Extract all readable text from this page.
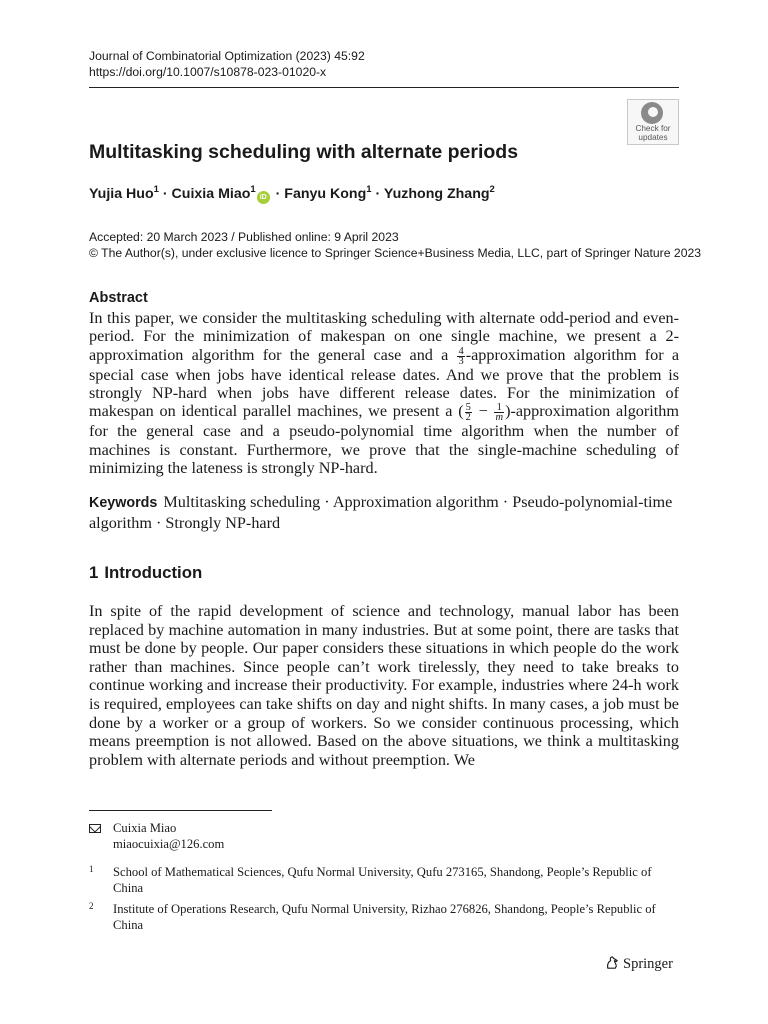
Journal of Combinatorial Optimization (2023) 45:92
https://doi.org/10.1007/s10878-023-01020-x
Check for
updates
Multitasking scheduling with alternate periods
Yujia Huo$^1$ · Cuixia Miao$^1$iD · Fanyu Kong$^1$ · Yuzhong Zhang$^2$
Accepted: 20 March 2023 / Published online: 9 April 2023
© The Author(s), under exclusive licence to Springer Science+Business Media, LLC, part of Springer Nature 2023
Abstract
In this paper, we consider the multitasking scheduling with alternate odd-period and even-period. For the minimization of makespan on one single machine, we present a 2-approximation algorithm for the general case and a $\frac{4}{3}$ -approximation algorithm for a special case when jobs have identical release dates. And we prove that the problem is strongly NP-hard when jobs have different release dates. For the minimization of makespan on identical parallel machines, we present a ( $\frac{5}{2} - \frac{1}{m}$ )-approximation algorithm for the general case and a pseudo-polynomial time algorithm when the number of machines is constant. Furthermore, we prove that the single-machine scheduling of minimizing the lateness is strongly NP-hard.
Keywords Multitasking scheduling · Approximation algorithm · Pseudo-polynomial-time algorithm · Strongly NP-hard
1 Introduction
In spite of the rapid development of science and technology, manual labor has been replaced by machine automation in many industries. But at some point, there are tasks that must be done by people. Our paper considers these situations in which people do the work rather than machines. Since people can’t work tirelessly, they need to take breaks to continue working and increase their productivity. For example, industries where 24-h work is required, employees can take shifts on day and night shifts. In many cases, a job must be done by a worker or a group of workers. So we consider continuous processing, which means preemption is not allowed. Based on the above situations, we think a multitasking problem with alternate periods and without preemption. We
Cuixia Miao
miaocuixia@126.com
1 School of Mathematical Sciences, Qufu Normal University, Qufu 273165, Shandong, People’s Republic of China
2 Institute of Operations Research, Qufu Normal University, Rizhao 276826, Shandong, People’s Republic of China
Springer
